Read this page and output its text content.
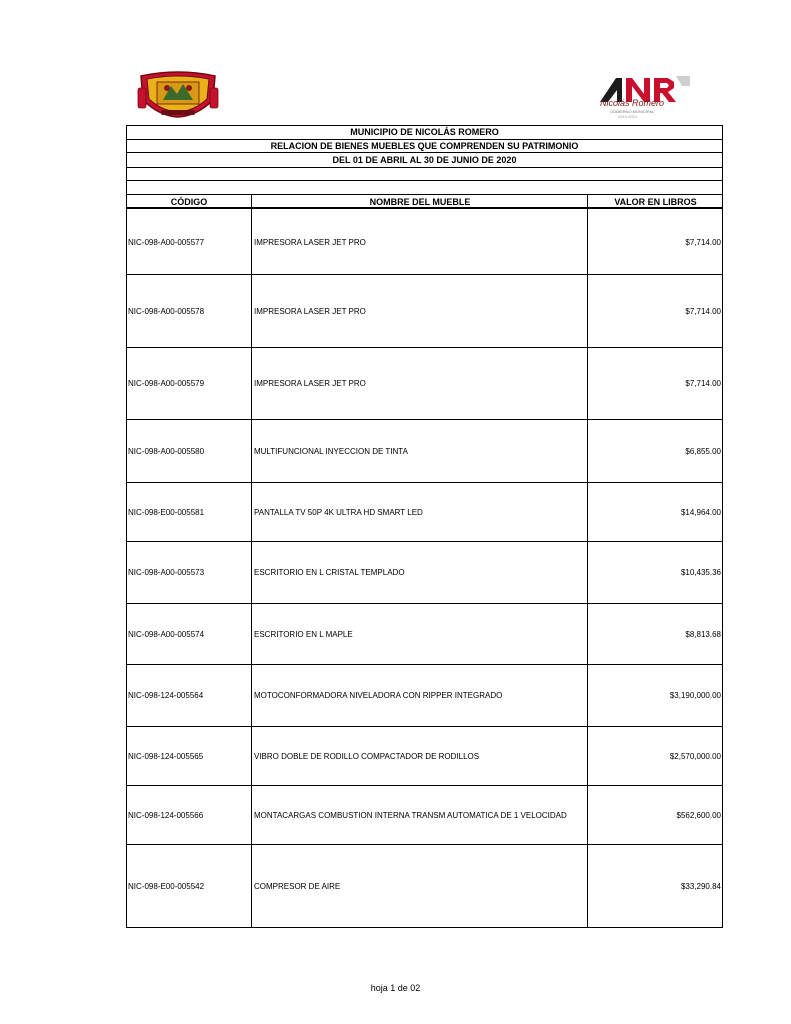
Nicolás Romero
GOBIERNO MUNICIPAL
2019-2021
MUNICIPIO DE NICOLÁS ROMERO
RELACION DE BIENES MUEBLES QUE COMPRENDEN SU PATRIMONIO
DEL 01 DE ABRIL AL 30 DE JUNIO DE 2020
CÓDIGO	NOMBRE DEL MUEBLE	VALOR EN LIBROS
NIC-098-A00-005577	IMPRESORA LASER JET PRO	$7,714.00
NIC-098-A00-005578	IMPRESORA LASER JET PRO	$7,714.00
NIC-098-A00-005579	IMPRESORA LASER JET PRO	$7,714.00
NIC-098-A00-005580	MULTIFUNCIONAL INYECCION DE TINTA	$6,855.00
NIC-098-E00-005581	PANTALLA TV 50P 4K ULTRA HD SMART LED	$14,964.00
NIC-098-A00-005573	ESCRITORIO EN L CRISTAL TEMPLADO	$10,435.36
NIC-098-A00-005574	ESCRITORIO EN L MAPLE	$8,813.68
NIC-098-124-005564	MOTOCONFORMADORA NIVELADORA CON RIPPER INTEGRADO	$3,190,000.00
NIC-098-124-005565	VIBRO DOBLE DE RODILLO COMPACTADOR DE RODILLOS	$2,570,000.00
NIC-098-124-005566	MONTACARGAS COMBUSTION INTERNA TRANSM AUTOMATICA DE 1 VELOCIDAD	$562,600.00
NIC-098-E00-005542	COMPRESOR DE AIRE	$33,290.84
hoja 1 de 02
